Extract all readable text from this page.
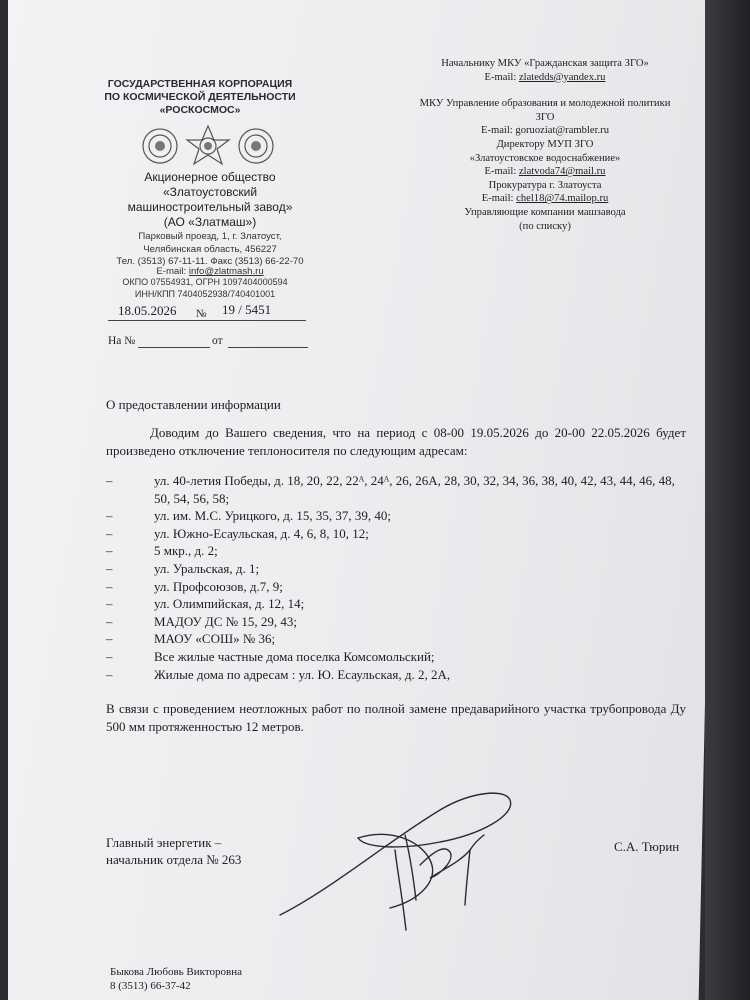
ГОСУДАРСТВЕННАЯ КОРПОРАЦИЯ
ПО КОСМИЧЕСКОЙ ДЕЯТЕЛЬНОСТИ
«РОСКОСМОС»
Акционерное общество
«Златоустовский
машиностроительный завод»
(АО «Златмаш»)
Парковый проезд, 1, г. Златоуст,
Челябинская область, 456227
Тел. (3513) 67-11-11. Факс (3513) 66-22-70
E-mail: info@zlatmash.ru
ОКПО 07554931, ОГРН 1097404000594
ИНН/КПП 7404052938/740401001
18.05.2026 № 19 / 5451
На №	от
Начальнику МКУ «Гражданская защита ЗГО»
E-mail: zlatedds@yandex.ru
МКУ Управление образования и молодежной политики
ЗГО
E-mail: goruoziat@rambler.ru
Директору МУП ЗГО
«Златоустовское водоснабжение»
E-mail: zlatvoda74@mail.ru
Прокуратура г. Златоуста
E-mail: chel18@74.mailop.ru
Управляющие компании машзавода
(по списку)
О предоставлении информации
Доводим до Вашего сведения, что на период с 08-00 19.05.2026 до 20-00 22.05.2026 будет произведено отключение теплоносителя по следующим адресам:
–	ул. 40-летия Победы, д. 18, 20, 22, 22ᴬ, 24ᴬ, 26, 26А, 28, 30, 32, 34, 36, 38, 40, 42, 43, 44, 46, 48, 50, 54, 56, 58;
–	ул. им. М.С. Урицкого, д. 15, 35, 37, 39, 40;
–	ул. Южно-Есаульская, д. 4, 6, 8, 10, 12;
–	5 мкр., д. 2;
–	ул. Уральская, д. 1;
–	ул. Профсоюзов, д.7, 9;
–	ул. Олимпийская, д. 12, 14;
–	МАДОУ ДС № 15, 29, 43;
–	МАОУ «СОШ» № 36;
–	Все жилые частные дома поселка Комсомольский;
–	Жилые дома по адресам : ул. Ю. Есаульская, д. 2, 2А,
В связи с проведением неотложных работ по полной замене предаварийного участка трубопровода Ду 500 мм протяженностью 12 метров.
Главный энергетик –
начальник отдела № 263
С.А. Тюрин
Быкова Любовь Викторовна
8 (3513) 66-37-42
